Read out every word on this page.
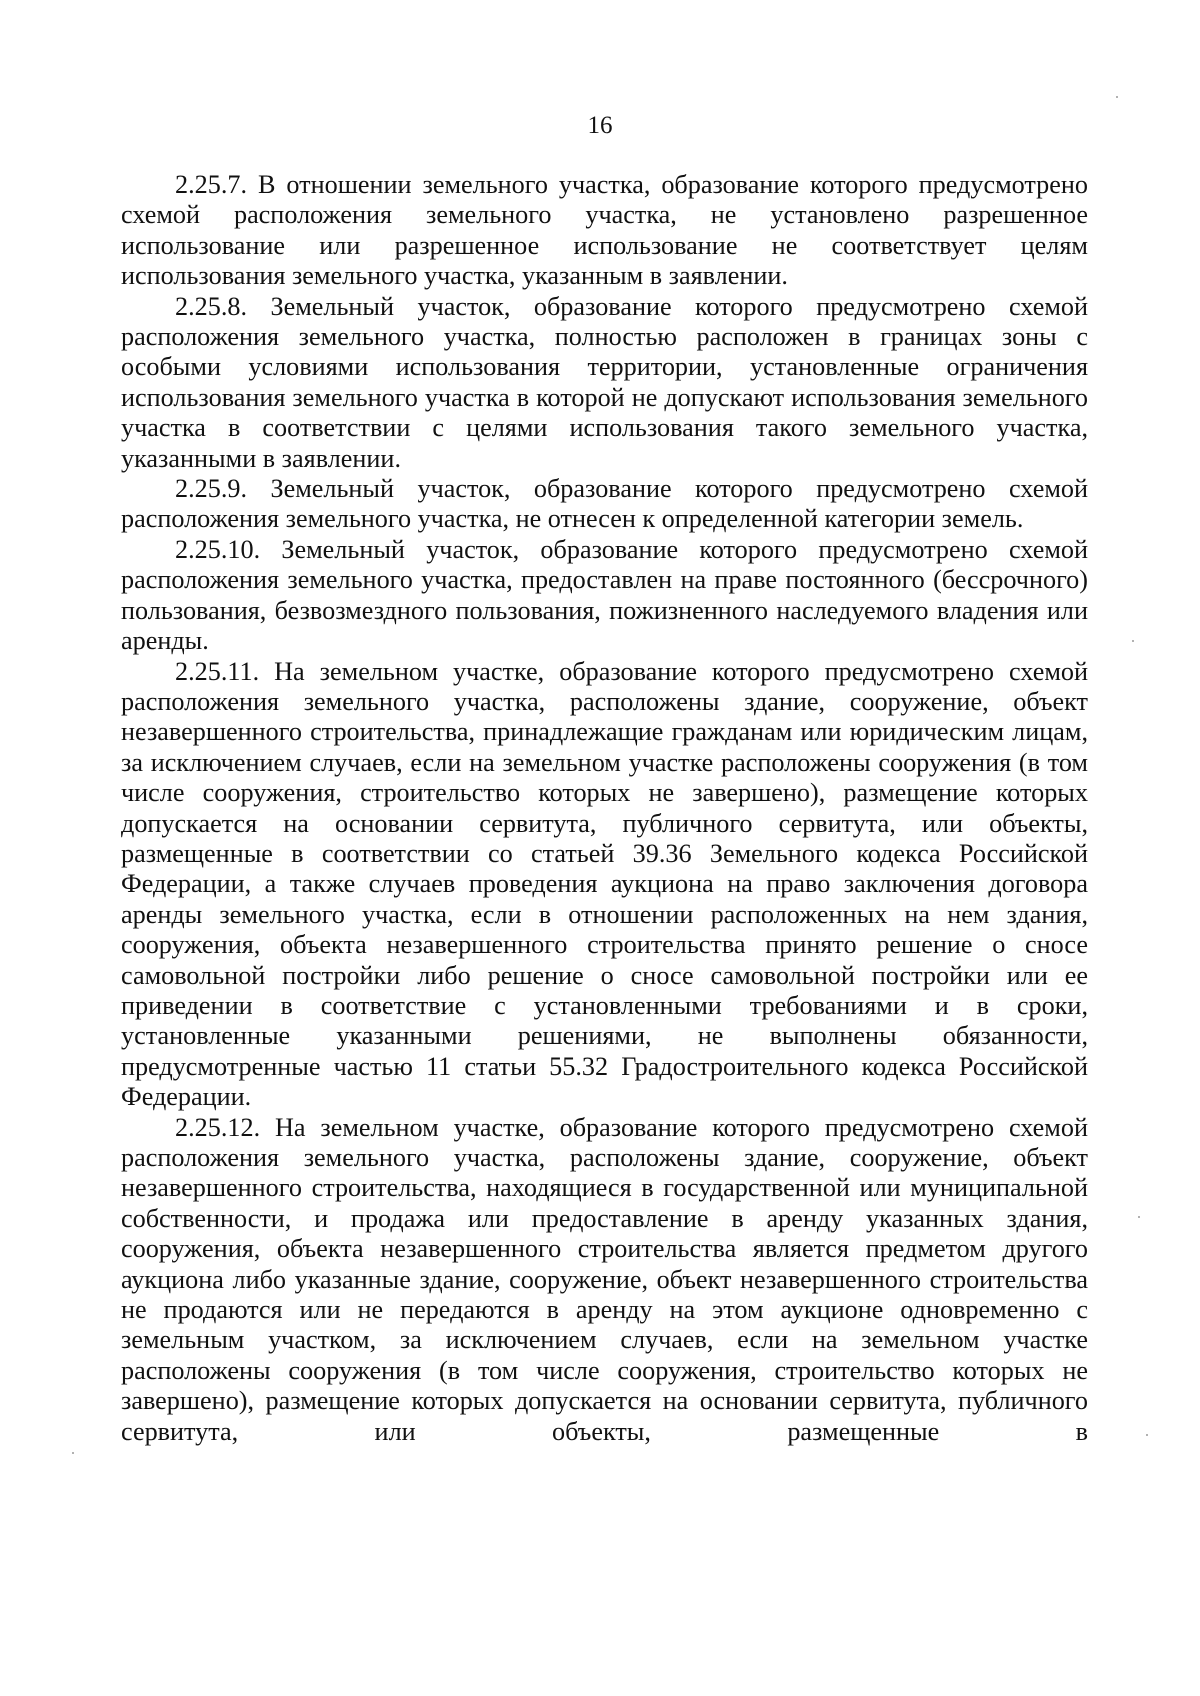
16

2.25.7. В отношении земельного участка, образование которого предусмотрено схемой расположения земельного участка, не установлено разрешенное использование или разрешенное использование не соответствует целям использования земельного участка, указанным в заявлении.

2.25.8. Земельный участок, образование которого предусмотрено схемой расположения земельного участка, полностью расположен в границах зоны с особыми условиями использования территории, установленные ограничения использования земельного участка в которой не допускают использования земельного участка в соответствии с целями использования такого земельного участка, указанными в заявлении.

2.25.9. Земельный участок, образование которого предусмотрено схемой расположения земельного участка, не отнесен к определенной категории земель.

2.25.10. Земельный участок, образование которого предусмотрено схемой расположения земельного участка, предоставлен на праве постоянного (бессрочного) пользования, безвозмездного пользования, пожизненного наследуемого владения или аренды.

2.25.11. На земельном участке, образование которого предусмотрено схемой расположения земельного участка, расположены здание, сооружение, объект незавершенного строительства, принадлежащие гражданам или юридическим лицам, за исключением случаев, если на земельном участке расположены сооружения (в том числе сооружения, строительство которых не завершено), размещение которых допускается на основании сервитута, публичного сервитута, или объекты, размещенные в соответствии со статьей 39.36 Земельного кодекса Российской Федерации, а также случаев проведения аукциона на право заключения договора аренды земельного участка, если в отношении расположенных на нем здания, сооружения, объекта незавершенного строительства принято решение о сносе самовольной постройки либо решение о сносе самовольной постройки или ее приведении в соответствие с установленными требованиями и в сроки, установленные указанными решениями, не выполнены обязанности, предусмотренные частью 11 статьи 55.32 Градостроительного кодекса Российской Федерации.

2.25.12. На земельном участке, образование которого предусмотрено схемой расположения земельного участка, расположены здание, сооружение, объект незавершенного строительства, находящиеся в государственной или муниципальной собственности, и продажа или предоставление в аренду указанных здания, сооружения, объекта незавершенного строительства является предметом другого аукциона либо указанные здание, сооружение, объект незавершенного строительства не продаются или не передаются в аренду на этом аукционе одновременно с земельным участком, за исключением случаев, если на земельном участке расположены сооружения (в том числе сооружения, строительство которых не завершено), размещение которых допускается на основании сервитута, публичного сервитута, или объекты, размещенные в
